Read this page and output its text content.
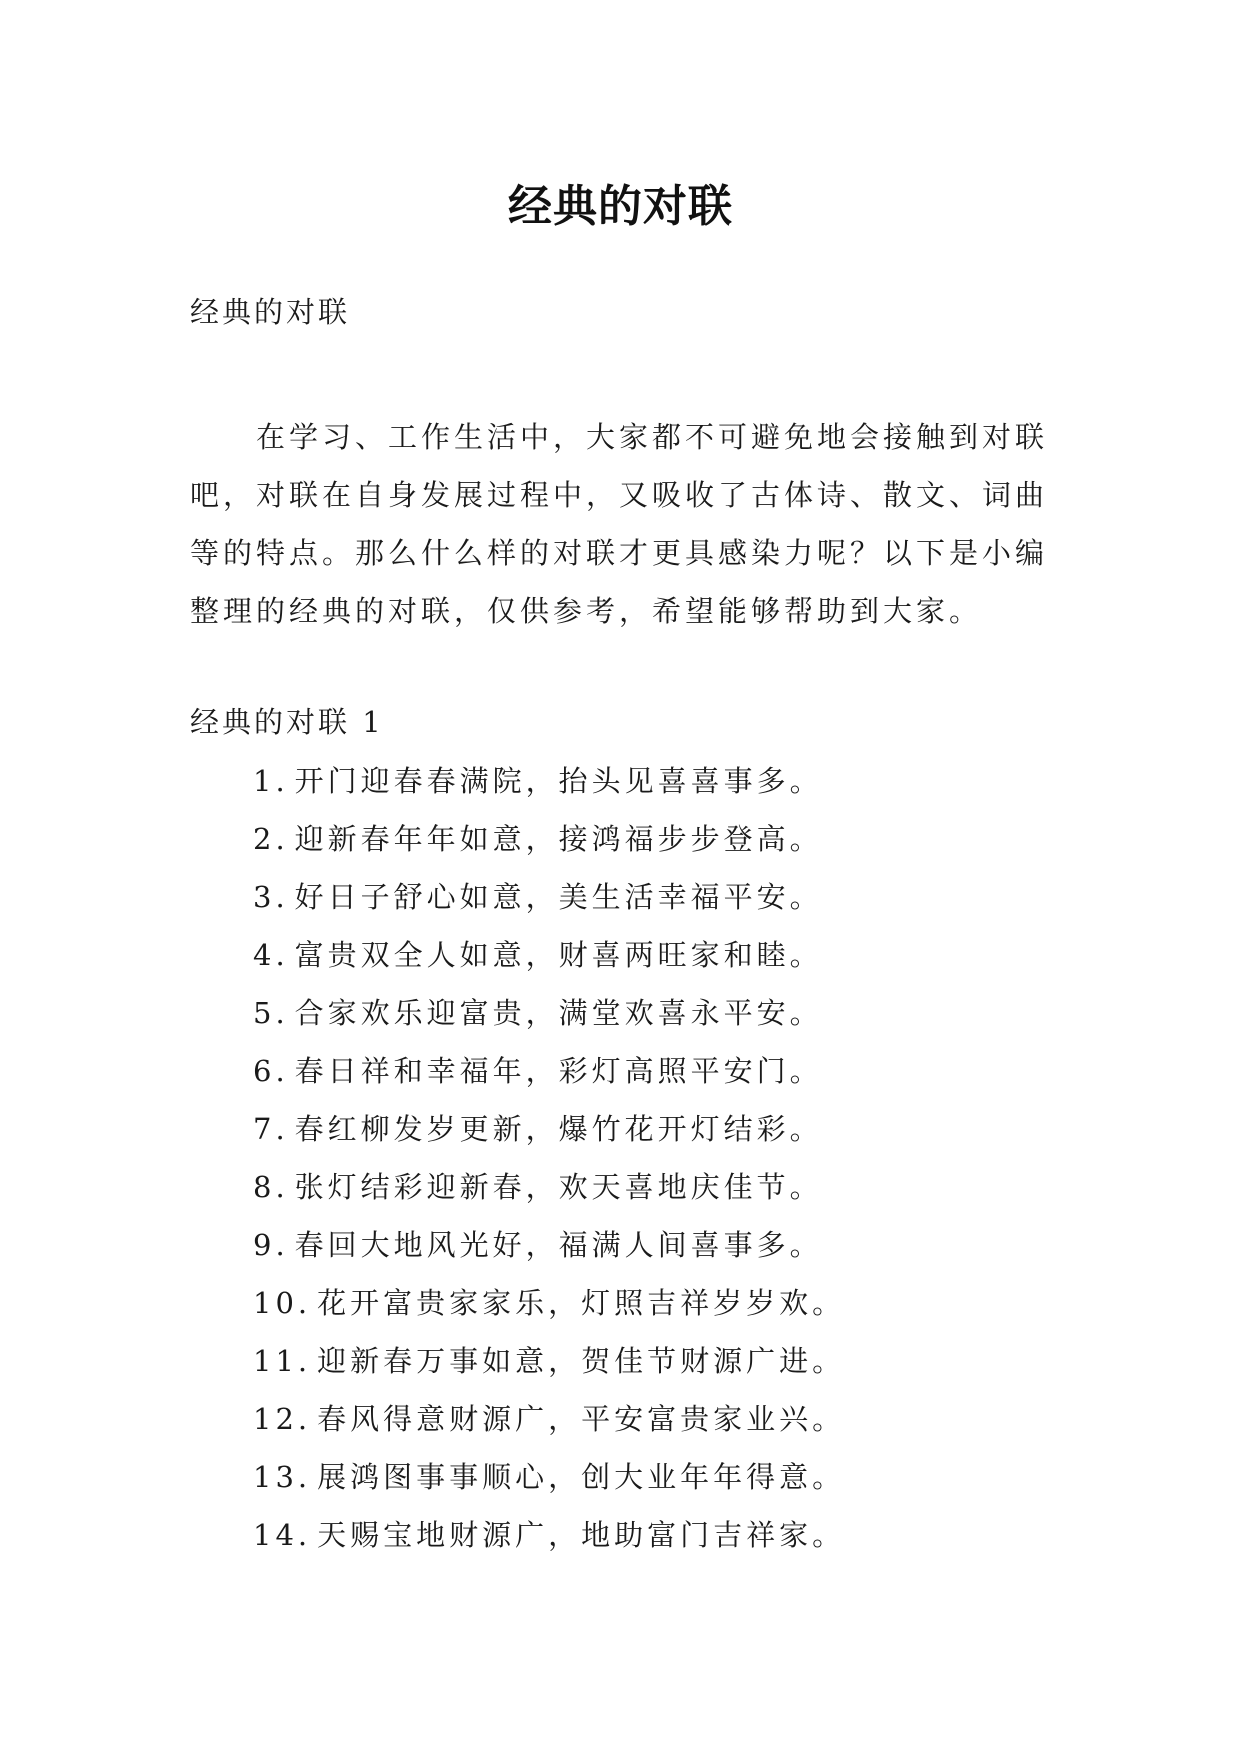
经典的对联
经典的对联

在学习、工作生活中，大家都不可避免地会接触到对联吧，对联在自身发展过程中，又吸收了古体诗、散文、词曲等的特点。那么什么样的对联才更具感染力呢？以下是小编整理的经典的对联，仅供参考，希望能够帮助到大家。

经典的对联 1
1. 开门迎春春满院，抬头见喜喜事多。
2. 迎新春年年如意，接鸿福步步登高。
3. 好日子舒心如意，美生活幸福平安。
4. 富贵双全人如意，财喜两旺家和睦。
5. 合家欢乐迎富贵，满堂欢喜永平安。
6. 春日祥和幸福年，彩灯高照平安门。
7. 春红柳发岁更新，爆竹花开灯结彩。
8. 张灯结彩迎新春，欢天喜地庆佳节。
9. 春回大地风光好，福满人间喜事多。
10. 花开富贵家家乐，灯照吉祥岁岁欢。
11. 迎新春万事如意，贺佳节财源广进。
12. 春风得意财源广，平安富贵家业兴。
13. 展鸿图事事顺心，创大业年年得意。
14. 天赐宝地财源广，地助富门吉祥家。
